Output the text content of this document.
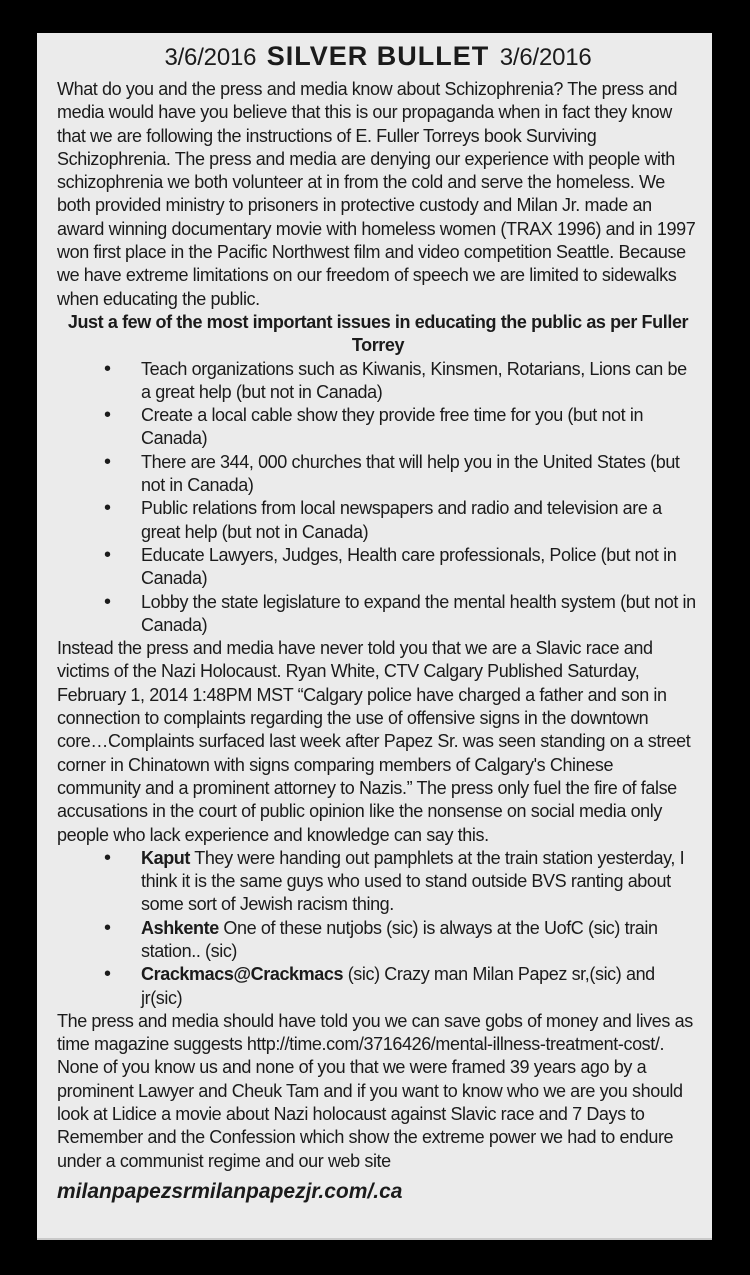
3/6/2016 SILVER BULLET 3/6/2016

What do you and the press and media know about Schizophrenia? The press and media would have you believe that this is our propaganda when in fact they know that we are following the instructions of E. Fuller Torreys book Surviving Schizophrenia. The press and media are denying our experience with people with schizophrenia we both volunteer at in from the cold and serve the homeless. We both provided ministry to prisoners in protective custody and Milan Jr. made an award winning documentary movie with homeless women (TRAX 1996) and in 1997 won first place in the Pacific Northwest film and video competition Seattle. Because we have extreme limitations on our freedom of speech we are limited to sidewalks when educating the public.

Just a few of the most important issues in educating the public as per Fuller Torrey
• Teach organizations such as Kiwanis, Kinsmen, Rotarians, Lions can be a great help (but not in Canada)
• Create a local cable show they provide free time for you (but not in Canada)
• There are 344, 000 churches that will help you in the United States (but not in Canada)
• Public relations from local newspapers and radio and television are a great help (but not in Canada)
• Educate Lawyers, Judges, Health care professionals, Police (but not in Canada)
• Lobby the state legislature to expand the mental health system (but not in Canada)

Instead the press and media have never told you that we are a Slavic race and victims of the Nazi Holocaust. Ryan White, CTV Calgary Published Saturday, February 1, 2014 1:48PM MST “Calgary police have charged a father and son in connection to complaints regarding the use of offensive signs in the downtown core…Complaints surfaced last week after Papez Sr. was seen standing on a street corner in Chinatown with signs comparing members of Calgary's Chinese community and a prominent attorney to Nazis.” The press only fuel the fire of false accusations in the court of public opinion like the nonsense on social media only people who lack experience and knowledge can say this.

• Kaput They were handing out pamphlets at the train station yesterday, I think it is the same guys who used to stand outside BVS ranting about some sort of Jewish racism thing.
• Ashkente One of these nutjobs (sic) is always at the UofC (sic) train station.. (sic)
• Crackmacs@Crackmacs (sic) Crazy man Milan Papez sr,(sic) and jr(sic)

The press and media should have told you we can save gobs of money and lives as time magazine suggests http://time.com/3716426/mental-illness-treatment-cost/. None of you know us and none of you that we were framed 39 years ago by a prominent Lawyer and Cheuk Tam and if you want to know who we are you should look at Lidice a movie about Nazi holocaust against Slavic race and 7 Days to Remember and the Confession which show the extreme power we had to endure under a communist regime and our web site

milanpapezsrmilanpapezjr.com/.ca
